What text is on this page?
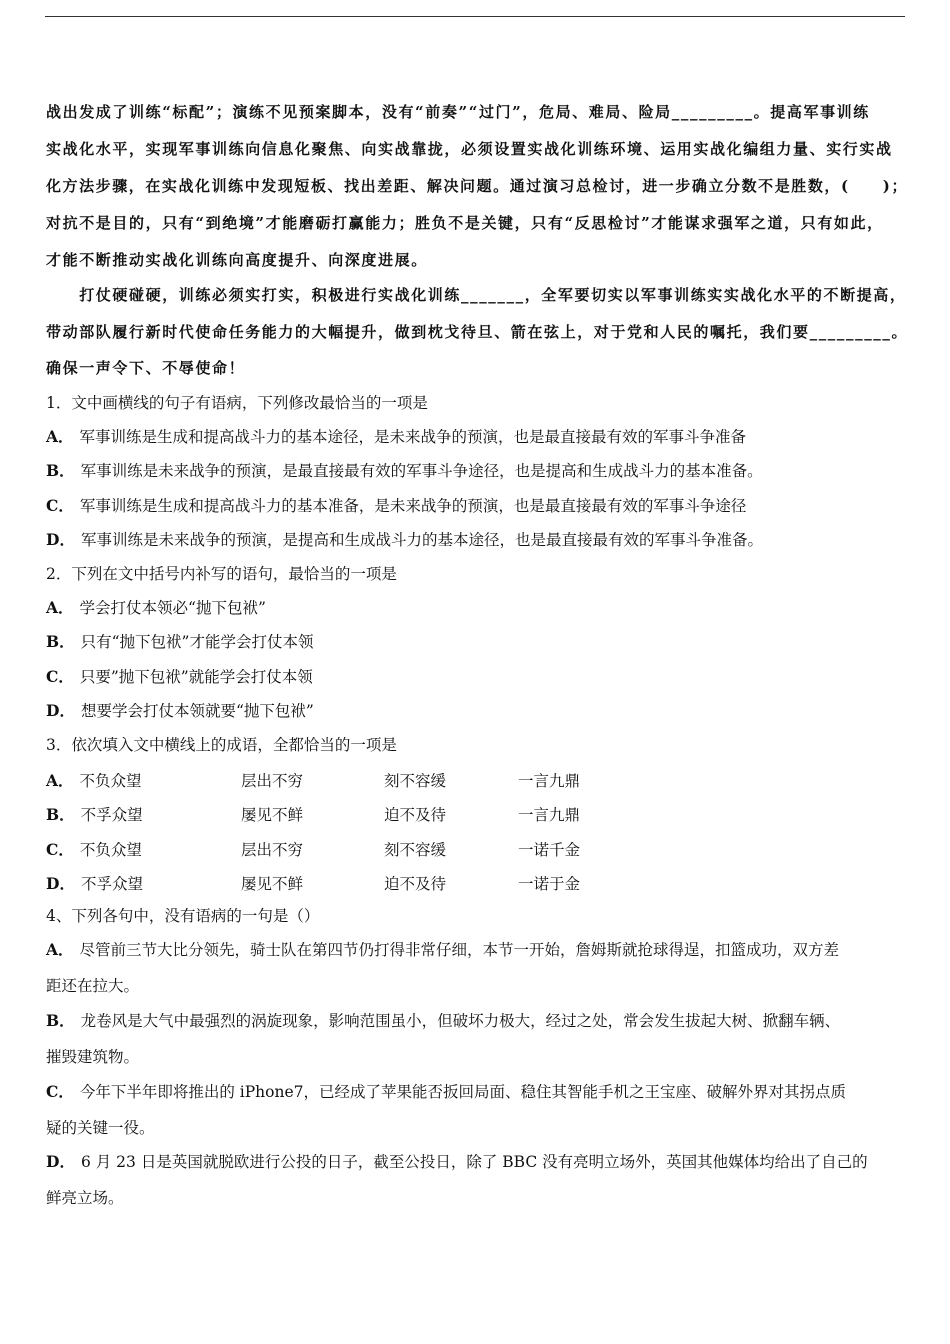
战出发成了训练“标配”；演练不见预案脚本，没有“前奏”“过门”，危局、难局、险局_________。提高军事训练
实战化水平，实现军事训练向信息化聚焦、向实战靠拢，必须设置实战化训练环境、运用实战化编组力量、实行实战
化方法步骤，在实战化训练中发现短板、找出差距、解决问题。通过演习总检讨，进一步确立分数不是胜数，(　　)；
对抗不是目的，只有“到绝境”才能磨砺打赢能力；胜负不是关键，只有“反思检讨”才能谋求强军之道，只有如此，
才能不断推动实战化训练向高度提升、向深度进展。
　　打仗硬碰硬，训练必须实打实，积极进行实战化训练_______，全军要切实以军事训练实实战化水平的不断提高，
带动部队履行新时代使命任务能力的大幅提升，做到枕戈待旦、箭在弦上，对于党和人民的嘱托，我们要_________。
确保一声令下、不辱使命！
1．文中画横线的句子有语病，下列修改最恰当的一项是
A． 军事训练是生成和提高战斗力的基本途径，是未来战争的预演，也是最直接最有效的军事斗争准备
B． 军事训练是未来战争的预演，是最直接最有效的军事斗争途径，也是提高和生成战斗力的基本准备。
C． 军事训练是生成和提高战斗力的基本准备，是未来战争的预演，也是最直接最有效的军事斗争途径
D． 军事训练是未来战争的预演，是提高和生成战斗力的基本途径，也是最直接最有效的军事斗争准备。
2．下列在文中括号内补写的语句，最恰当的一项是
A． 学会打仗本领必“抛下包袱”
B． 只有“抛下包袱”才能学会打仗本领
C． 只要”抛下包袱”就能学会打仗本领
D． 想要学会打仗本领就要“抛下包袱”
3．依次填入文中横线上的成语，全都恰当的一项是
A． 不负众望	层出不穷	刻不容缓	一言九鼎
B． 不孚众望	屡见不鲜	迫不及待	一言九鼎
C． 不负众望	层出不穷	刻不容缓	一诺千金
D． 不孚众望	屡见不鲜	迫不及待	一诺于金
4、下列各句中，没有语病的一句是（）
A． 尽管前三节大比分领先，骑士队在第四节仍打得非常仔细，本节一开始，詹姆斯就抢球得逞，扣篮成功，双方差
距还在拉大。
B． 龙卷风是大气中最强烈的涡旋现象，影响范围虽小，但破坏力极大，经过之处，常会发生拔起大树、掀翻车辆、
摧毁建筑物。
C． 今年下半年即将推出的 iPhone7，已经成了苹果能否扳回局面、稳住其智能手机之王宝座、破解外界对其拐点质
疑的关键一役。
D． 6 月 23 日是英国就脱欧进行公投的日子，截至公投日，除了 BBC 没有亮明立场外，英国其他媒体均给出了自己的
鲜亮立场。
